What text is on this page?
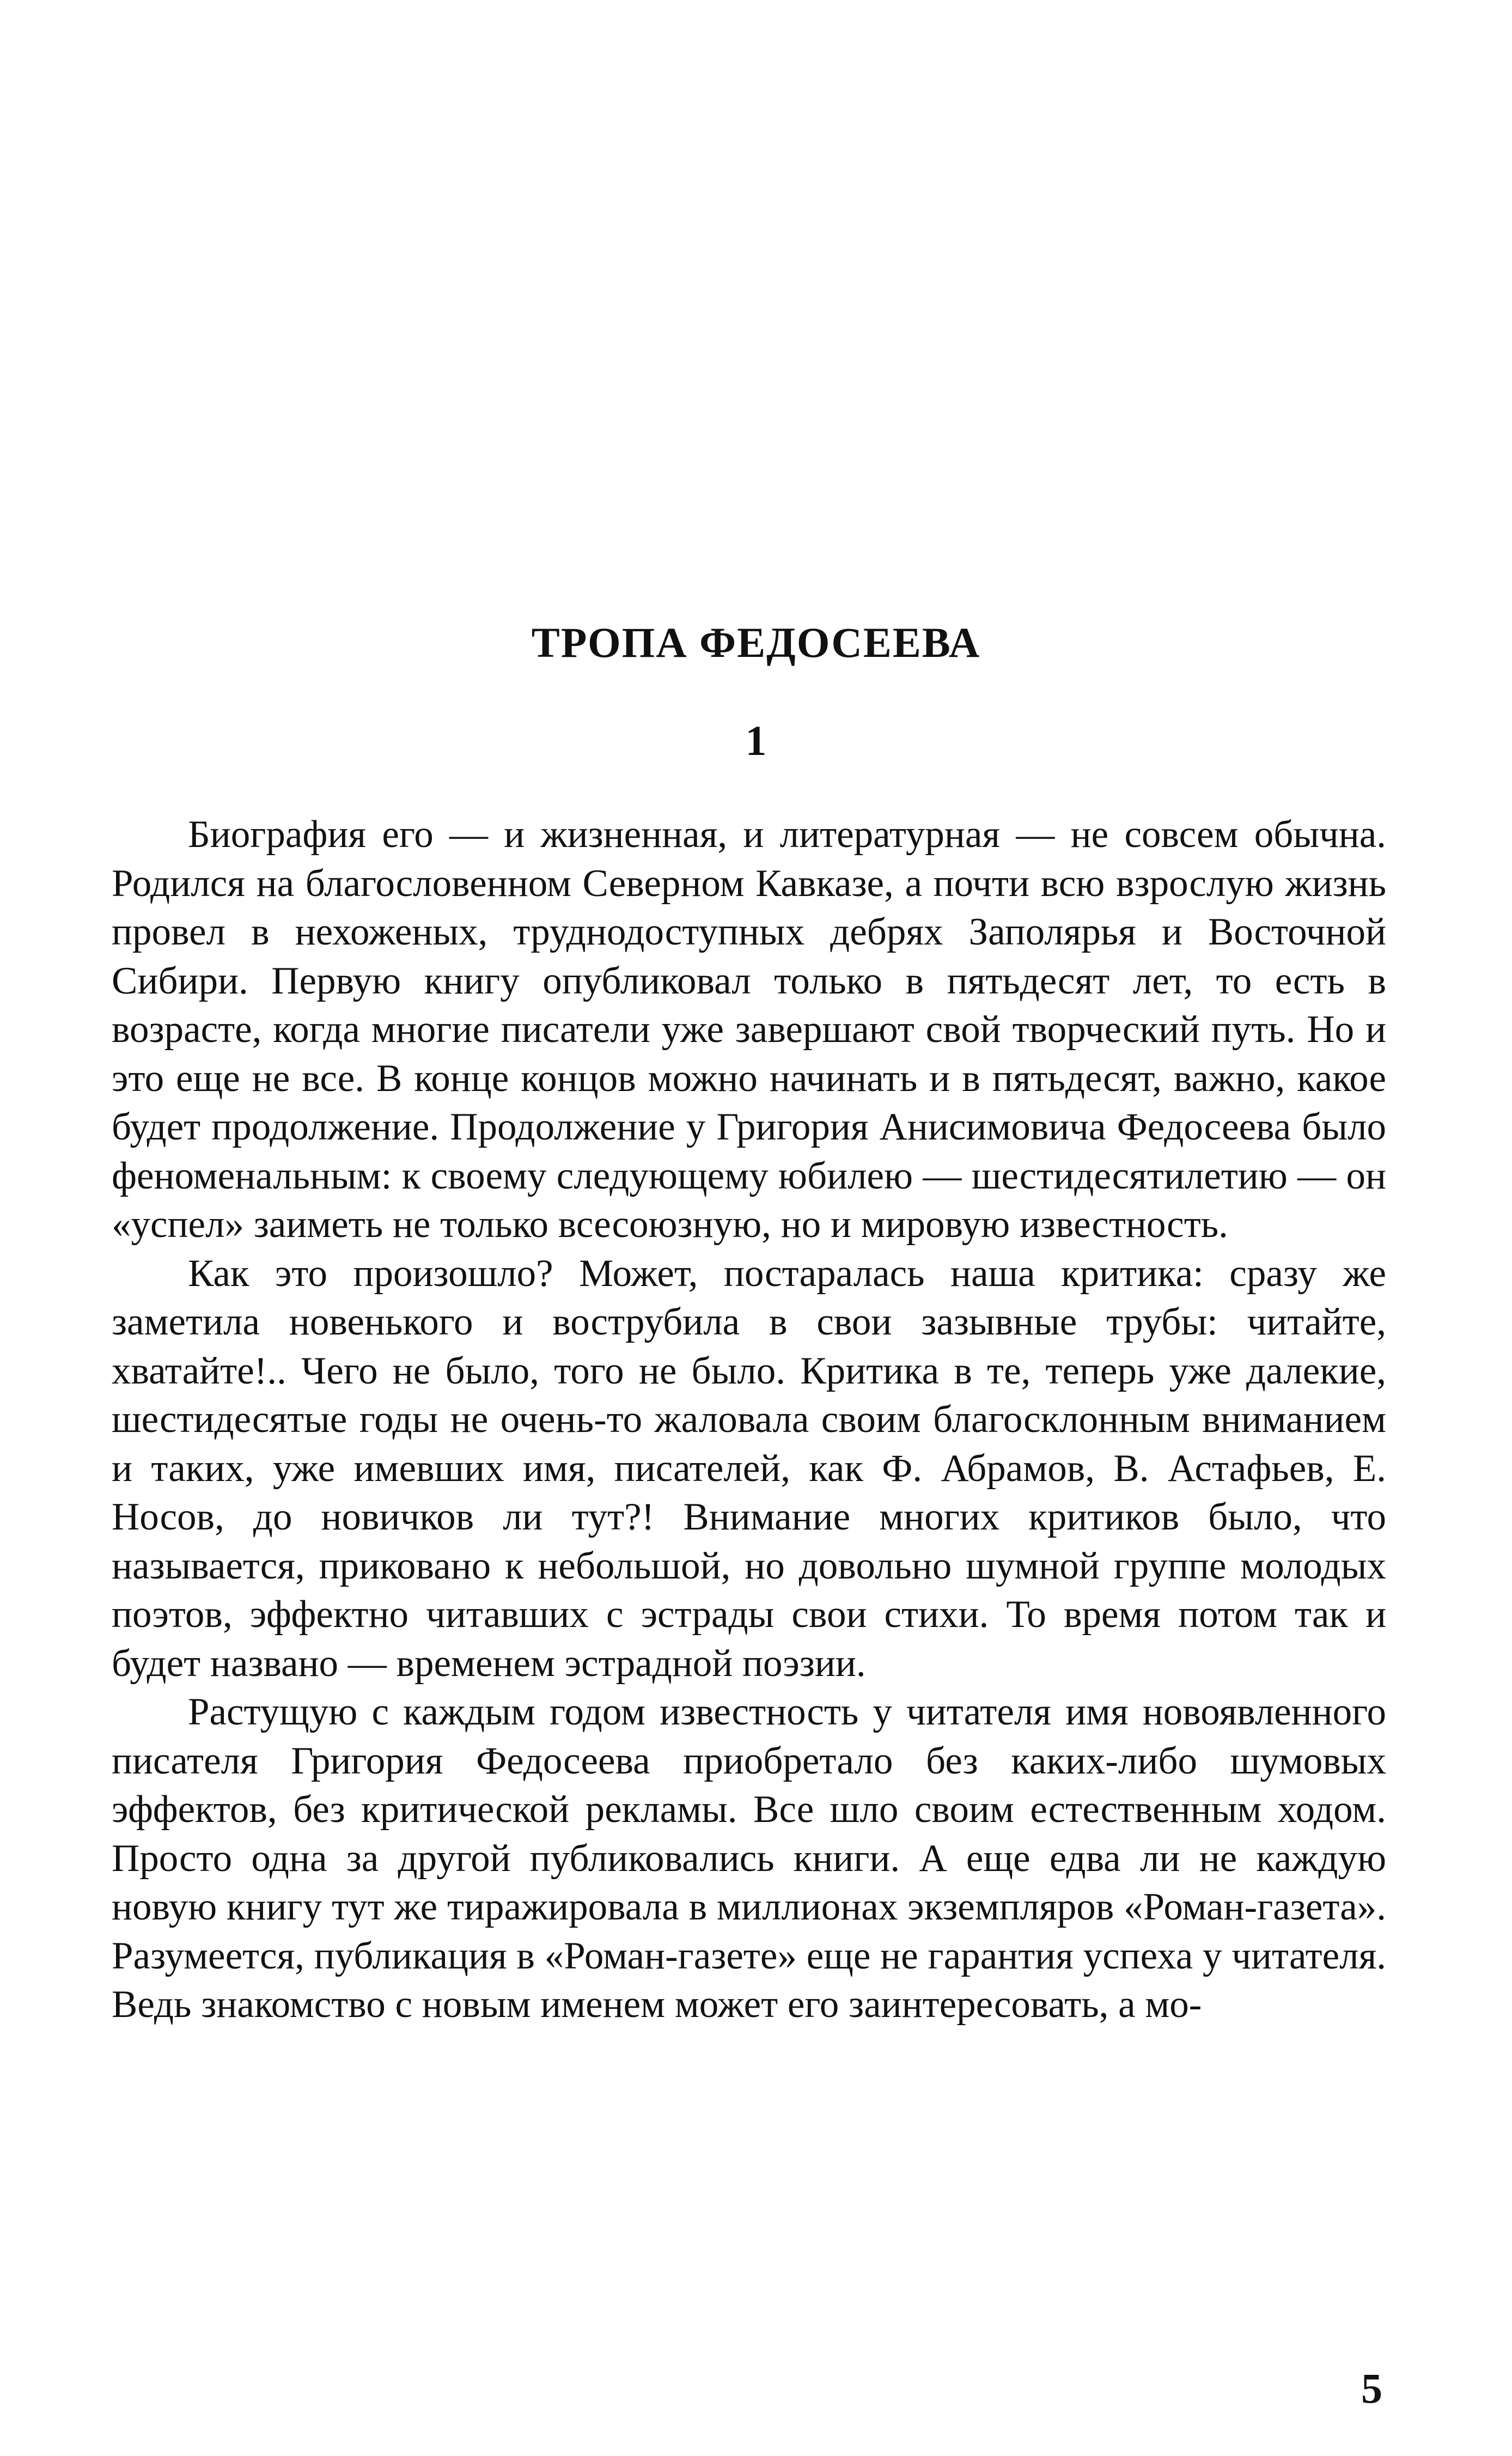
ТРОПА ФЕДОСЕЕВА
1

Биография его — и жизненная, и литературная — не совсем обычна. Родился на благословенном Северном Кавказе, а почти всю взрослую жизнь провел в нехоженых, труднодоступных дебрях Заполярья и Восточной Сибири. Первую книгу опубликовал только в пятьдесят лет, то есть в возрасте, когда многие писатели уже завершают свой творческий путь. Но и это еще не все. В конце концов можно начинать и в пятьдесят, важно, какое будет продолжение. Продолжение у Григория Анисимовича Федосеева было феноменальным: к своему следующему юбилею — шестидесятилетию — он «успел» заиметь не только всесоюзную, но и мировую известность.

Как это произошло? Может, постаралась наша критика: сразу же заметила новенького и вострубила в свои зазывные трубы: читайте, хватайте!.. Чего не было, того не было. Критика в те, теперь уже далекие, шестидесятые годы не очень-то жаловала своим благосклонным вниманием и таких, уже имевших имя, писателей, как Ф. Абрамов, В. Астафьев, Е. Носов, до новичков ли тут?! Внимание многих критиков было, что называется, приковано к небольшой, но довольно шумной группе молодых поэтов, эффектно читавших с эстрады свои стихи. То время потом так и будет названо — временем эстрадной поэзии.

Растущую с каждым годом известность у читателя имя новоявленного писателя Григория Федосеева приобретало без каких-либо шумовых эффектов, без критической рекламы. Все шло своим естественным ходом. Просто одна за другой публиковались книги. А еще едва ли не каждую новую книгу тут же тиражировала в миллионах экземпляров «Роман-газета». Разумеется, публикация в «Роман-газете» еще не гарантия успеха у читателя. Ведь знакомство с новым именем может его заинтересовать, а мо-

5
